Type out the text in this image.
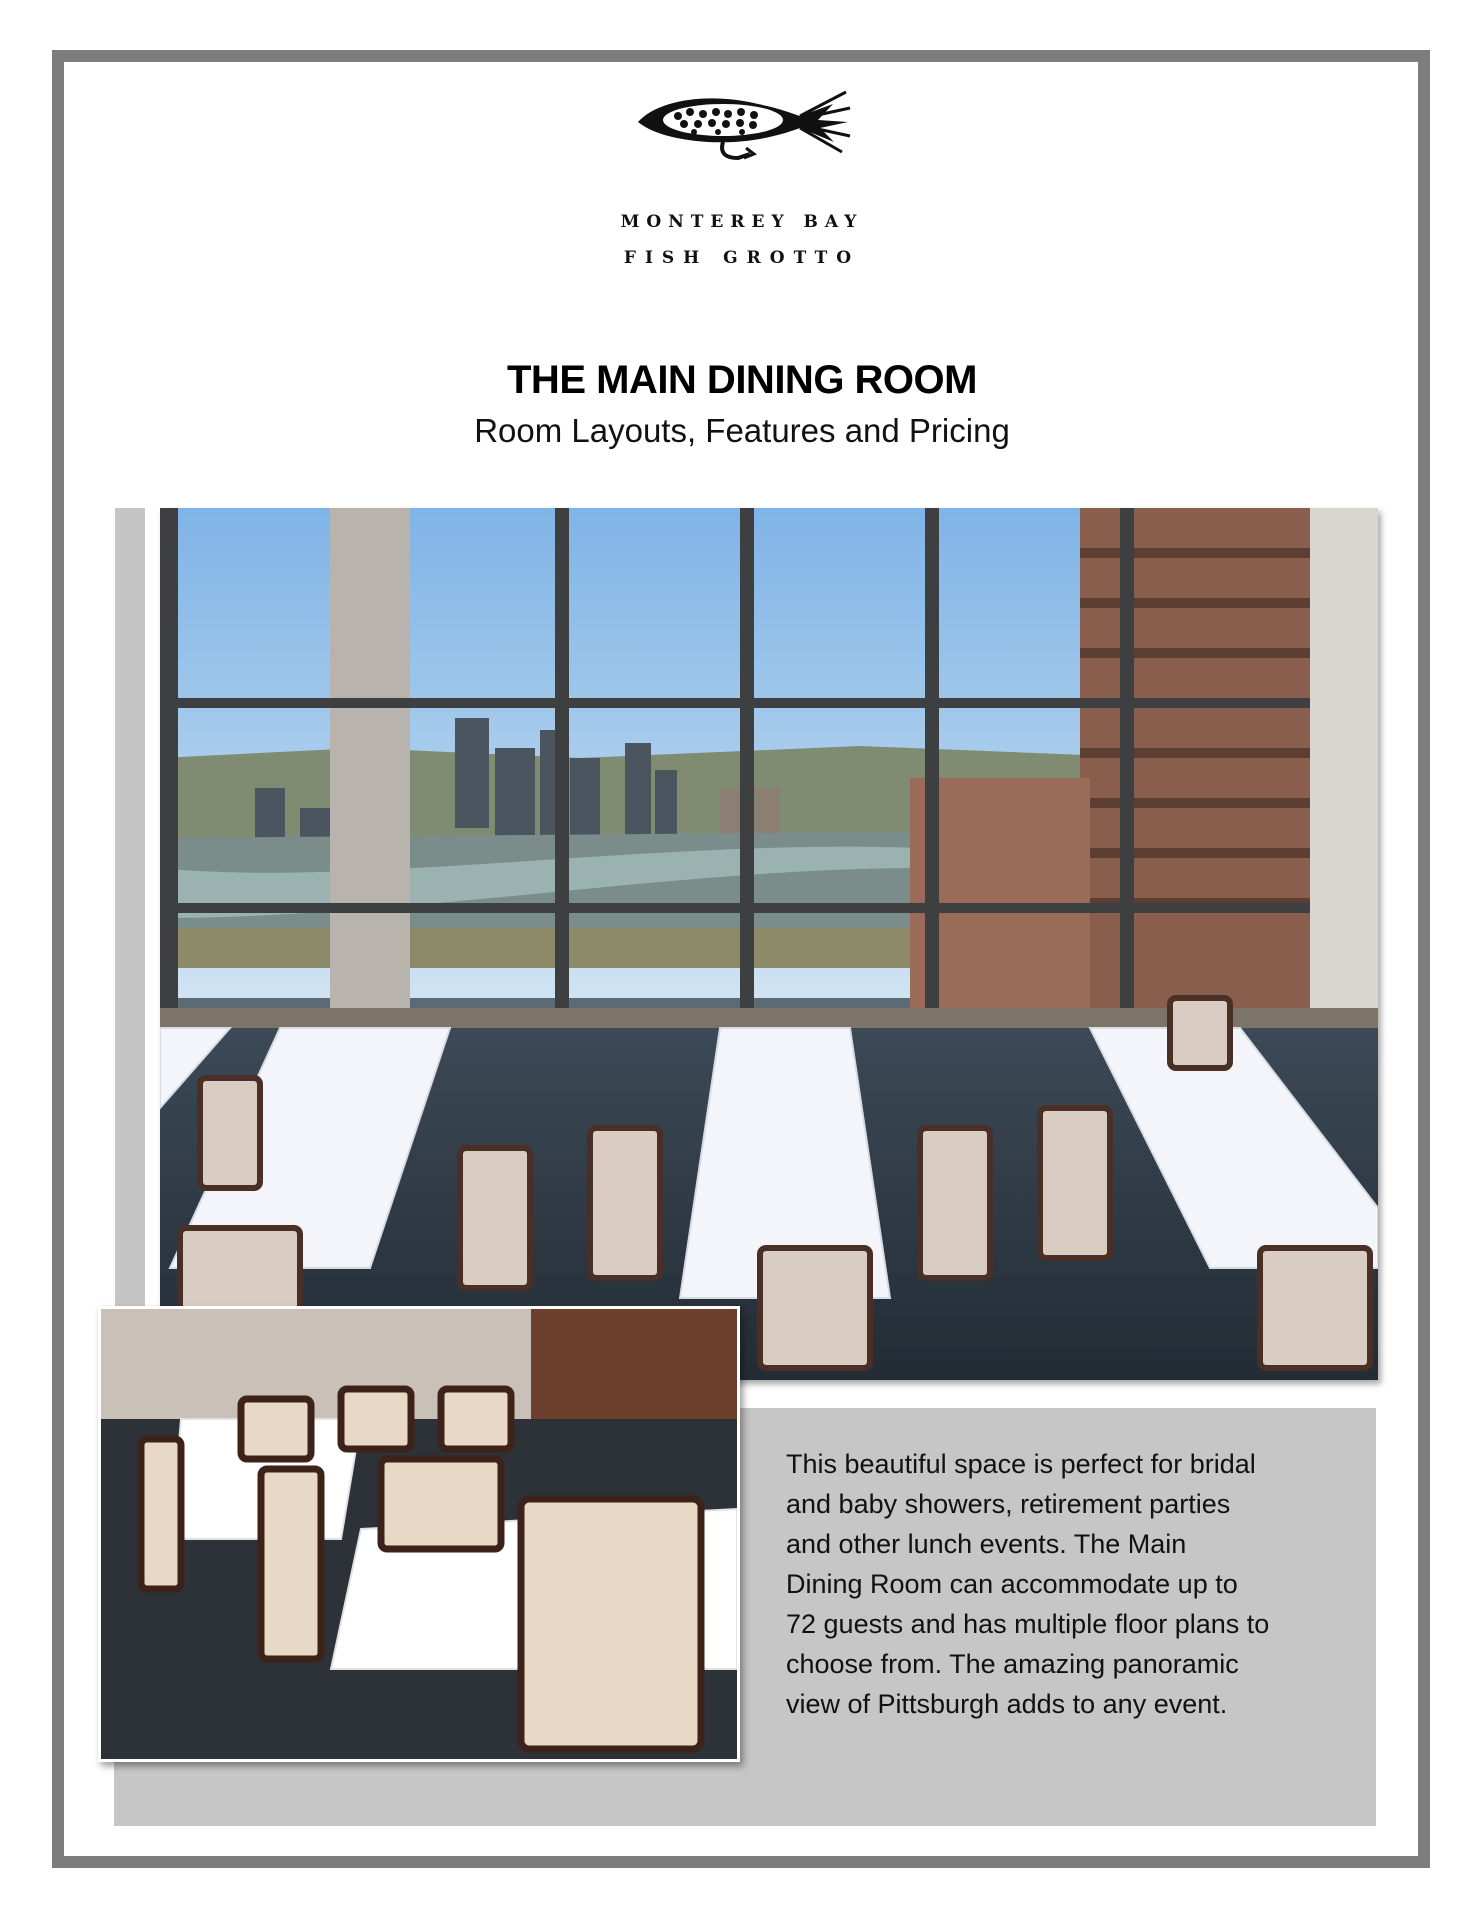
MONTEREY BAY
FISH GROTTO
THE MAIN DINING ROOM
Room Layouts, Features and Pricing
This beautiful space is perfect for bridal
and baby showers, retirement parties
and other lunch events. The Main
Dining Room can accommodate up to
72 guests and has multiple floor plans to
choose from. The amazing panoramic
view of Pittsburgh adds to any event.
